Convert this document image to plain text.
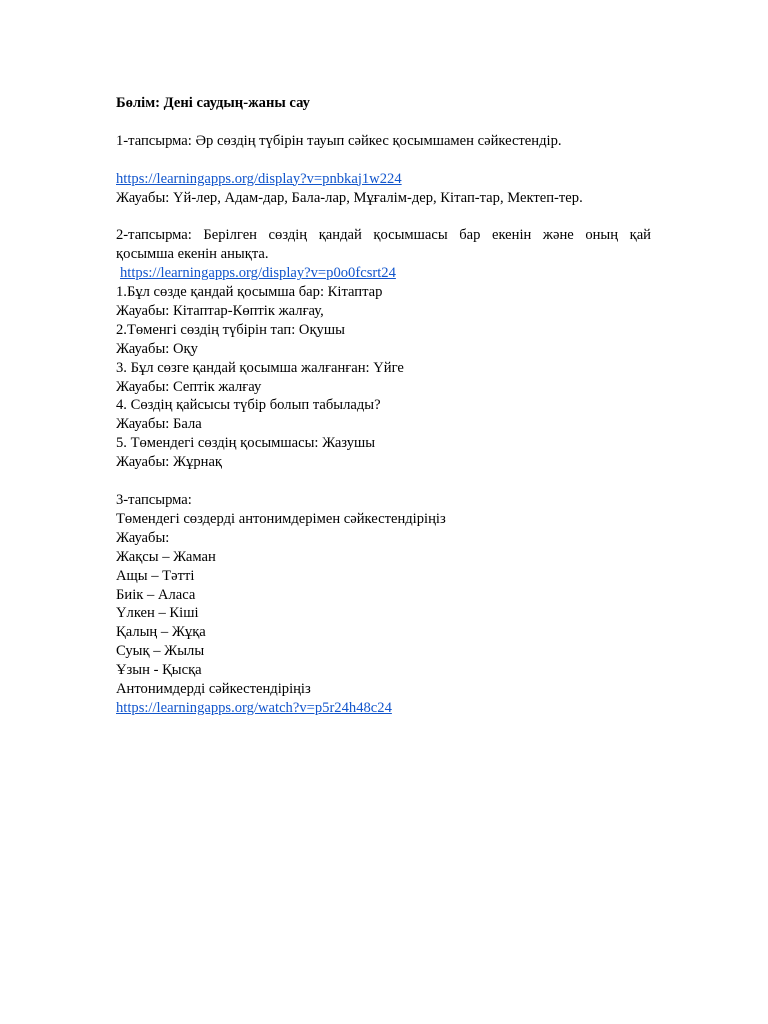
Бөлім: Дені саудың-жаны сау
1-тапсырма: Әр сөздің түбірін тауып сәйкес қосымшамен сәйкестендір.
https://learningapps.org/display?v=pnbkaj1w224
Жауабы: Үй-лер, Адам-дар, Бала-лар, Мұғалім-дер, Кітап-тар, Мектеп-тер.
2-тапсырма: Берілген сөздің қандай қосымшасы бар екенін және оның қай
қосымша екенін анықта.
https://learningapps.org/display?v=p0o0fcsrt24
1.Бұл сөзде қандай қосымша бар: Кітаптар
Жауабы: Кітаптар-Көптік жалғау,
2.Төменгі сөздің түбірін тап: Оқушы
Жауабы: Оқу
3. Бұл сөзге қандай қосымша жалғанған: Үйге
Жауабы: Септік жалғау
4. Сөздің қайсысы түбір болып табылады?
Жауабы: Бала
5. Төмендегі сөздің қосымшасы: Жазушы
Жауабы: Жұрнақ
3-тапсырма:
Төмендегі сөздерді антонимдерімен сәйкестендіріңіз
Жауабы:
Жақсы – Жаман
Ащы – Тәтті
Биік – Аласа
Үлкен – Кіші
Қалың – Жұқа
Суық – Жылы
Ұзын - Қысқа
Антонимдерді сәйкестендіріңіз
https://learningapps.org/watch?v=p5r24h48c24
